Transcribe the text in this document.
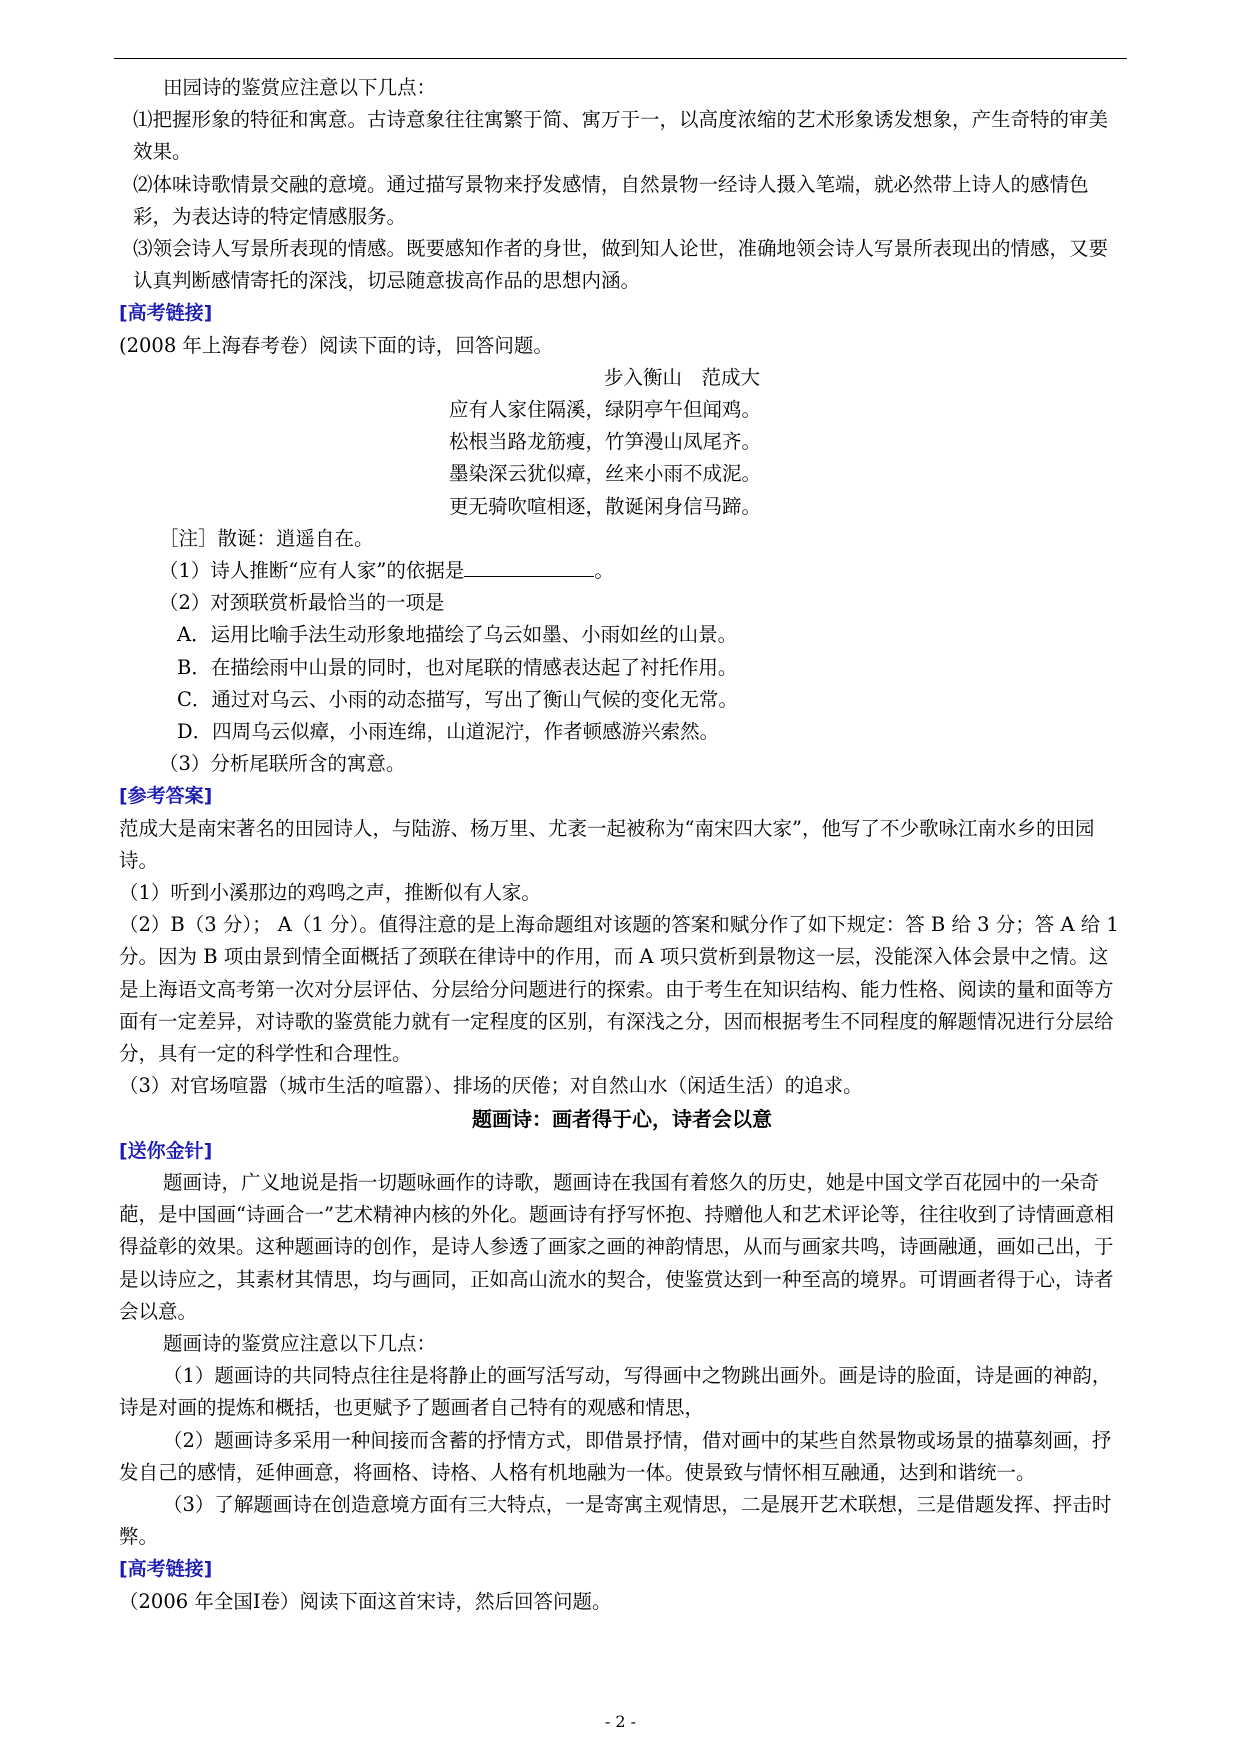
田园诗的鉴赏应注意以下几点：

⑴把握形象的特征和寓意。古诗意象往往寓繁于简、寓万于一，以高度浓缩的艺术形象诱发想象，产生奇特的审美效果。

⑵体味诗歌情景交融的意境。通过描写景物来抒发感情，自然景物一经诗人摄入笔端，就必然带上诗人的感情色彩，为表达诗的特定情感服务。

⑶领会诗人写景所表现的情感。既要感知作者的身世，做到知人论世，准确地领会诗人写景所表现出的情感，又要认真判断感情寄托的深浅，切忌随意拔高作品的思想内涵。

[高考链接]

(2008 年上海春考卷）阅读下面的诗，回答问题。

步入衡山　范成大

应有人家住隔溪，绿阴亭午但闻鸡。

松根当路龙筋瘦，竹笋漫山凤尾齐。

墨染深云犹似瘴，丝来小雨不成泥。

更无骑吹喧相逐，散诞闲身信马蹄。

［注］散诞：逍遥自在。

（1）诗人推断“应有人家”的依据是	。

（2）对颈联赏析最恰当的一项是

A．运用比喻手法生动形象地描绘了乌云如墨、小雨如丝的山景。

B．在描绘雨中山景的同时，也对尾联的情感表达起了衬托作用。

C．通过对乌云、小雨的动态描写，写出了衡山气候的变化无常。

D．四周乌云似瘴，小雨连绵，山道泥泞，作者顿感游兴索然。

（3）分析尾联所含的寓意。

[参考答案]

范成大是南宋著名的田园诗人，与陆游、杨万里、尤袤一起被称为“南宋四大家”，他写了不少歌咏江南水乡的田园诗。

（1）听到小溪那边的鸡鸣之声，推断似有人家。

（2）B（3 分）； A（1 分）。值得注意的是上海命题组对该题的答案和赋分作了如下规定：答 B 给 3 分；答 A 给 1 分。因为 B 项由景到情全面概括了颈联在律诗中的作用，而 A 项只赏析到景物这一层，没能深入体会景中之情。这是上海语文高考第一次对分层评估、分层给分问题进行的探索。由于考生在知识结构、能力性格、阅读的量和面等方面有一定差异，对诗歌的鉴赏能力就有一定程度的区别，有深浅之分，因而根据考生不同程度的解题情况进行分层给分，具有一定的科学性和合理性。

（3）对官场喧嚣（城市生活的喧嚣）、排场的厌倦；对自然山水（闲适生活）的追求。

题画诗：画者得于心，诗者会以意

[送你金针]

题画诗，广义地说是指一切题咏画作的诗歌，题画诗在我国有着悠久的历史，她是中国文学百花园中的一朵奇葩，是中国画“诗画合一”艺术精神内核的外化。题画诗有抒写怀抱、持赠他人和艺术评论等，往往收到了诗情画意相得益彰的效果。这种题画诗的创作，是诗人参透了画家之画的神韵情思，从而与画家共鸣，诗画融通，画如己出，于是以诗应之，其素材其情思，均与画同，正如高山流水的契合，使鉴赏达到一种至高的境界。可谓画者得于心，诗者会以意。

题画诗的鉴赏应注意以下几点：

（1）题画诗的共同特点往往是将静止的画写活写动，写得画中之物跳出画外。画是诗的脸面，诗是画的神韵，诗是对画的提炼和概括，也更赋予了题画者自己特有的观感和情思，

（2）题画诗多采用一种间接而含蓄的抒情方式，即借景抒情，借对画中的某些自然景物或场景的描摹刻画，抒发自己的感情，延伸画意，将画格、诗格、人格有机地融为一体。使景致与情怀相互融通，达到和谐统一。

（3）了解题画诗在创造意境方面有三大特点，一是寄寓主观情思，二是展开艺术联想，三是借题发挥、抨击时弊。

[高考链接]

（2006 年全国Ⅰ卷）阅读下面这首宋诗，然后回答问题。

- 2 -
